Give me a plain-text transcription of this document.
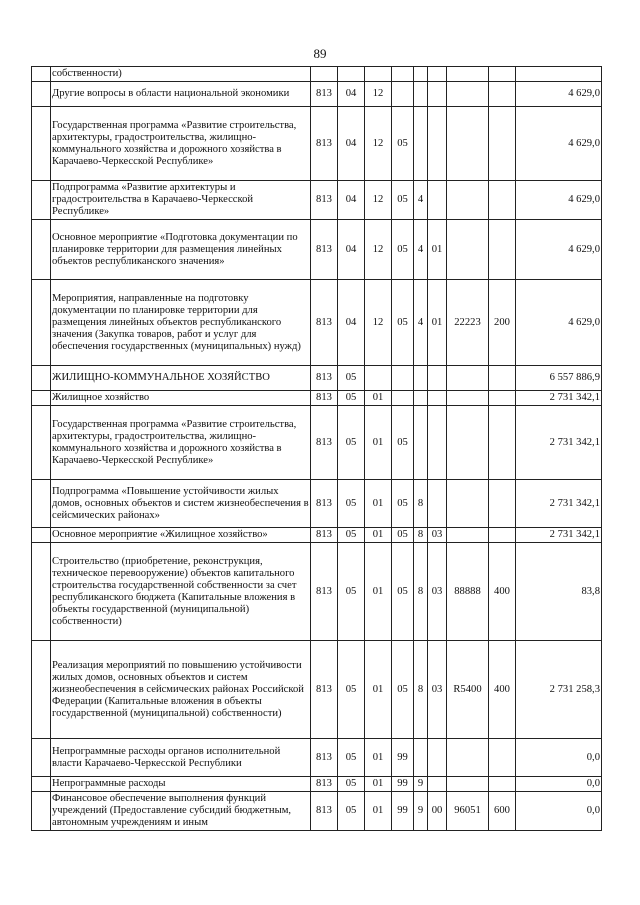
89
	собственности)									
	Другие вопросы в области национальной экономики	813	04	12						4 629,0
	Государственная программа «Развитие строительства, архитектуры, градостроительства, жилищно-коммунального хозяйства и дорожного хозяйства в Карачаево-Черкесской Республике»	813	04	12	05					4 629,0
	Подпрограмма «Развитие архитектуры и градостроительства в Карачаево-Черкесской Республике»	813	04	12	05	4				4 629,0
	Основное мероприятие «Подготовка документации по планировке территории для размещения линейных объектов республиканского значения»	813	04	12	05	4	01			4 629,0
	Мероприятия, направленные на подготовку документации по планировке территории для размещения линейных объектов республиканского значения (Закупка товаров, работ и услуг для обеспечения государственных (муниципальных) нужд)	813	04	12	05	4	01	22223	200	4 629,0
	ЖИЛИЩНО-КОММУНАЛЬНОЕ ХОЗЯЙСТВО	813	05							6 557 886,9
	Жилищное хозяйство	813	05	01						2 731 342,1
	Государственная программа «Развитие строительства, архитектуры, градостроительства, жилищно-коммунального хозяйства и дорожного хозяйства в Карачаево-Черкесской Республике»	813	05	01	05					2 731 342,1
	Подпрограмма «Повышение устойчивости жилых домов, основных объектов и систем жизнеобеспечения в сейсмических районах»	813	05	01	05	8				2 731 342,1
	Основное мероприятие «Жилищное хозяйство»	813	05	01	05	8	03			2 731 342,1
	Строительство (приобретение, реконструкция, техническое перевооружение) объектов капитального строительства государственной собственности за счет республиканского бюджета (Капитальные вложения в объекты государственной (муниципальной) собственности)	813	05	01	05	8	03	88888	400	83,8
	Реализация мероприятий по повышению устойчивости жилых домов, основных объектов и систем жизнеобеспечения в сейсмических районах Российской Федерации (Капитальные вложения в объекты государственной (муниципальной) собственности)	813	05	01	05	8	03	R5400	400	2 731 258,3
	Непрограммные расходы органов исполнительной власти Карачаево-Черкесской Республики	813	05	01	99					0,0
	Непрограммные расходы	813	05	01	99	9				0,0
	Финансовое обеспечение выполнения функций учреждений (Предоставление субсидий бюджетным, автономным учреждениям и иным	813	05	01	99	9	00	96051	600	0,0
